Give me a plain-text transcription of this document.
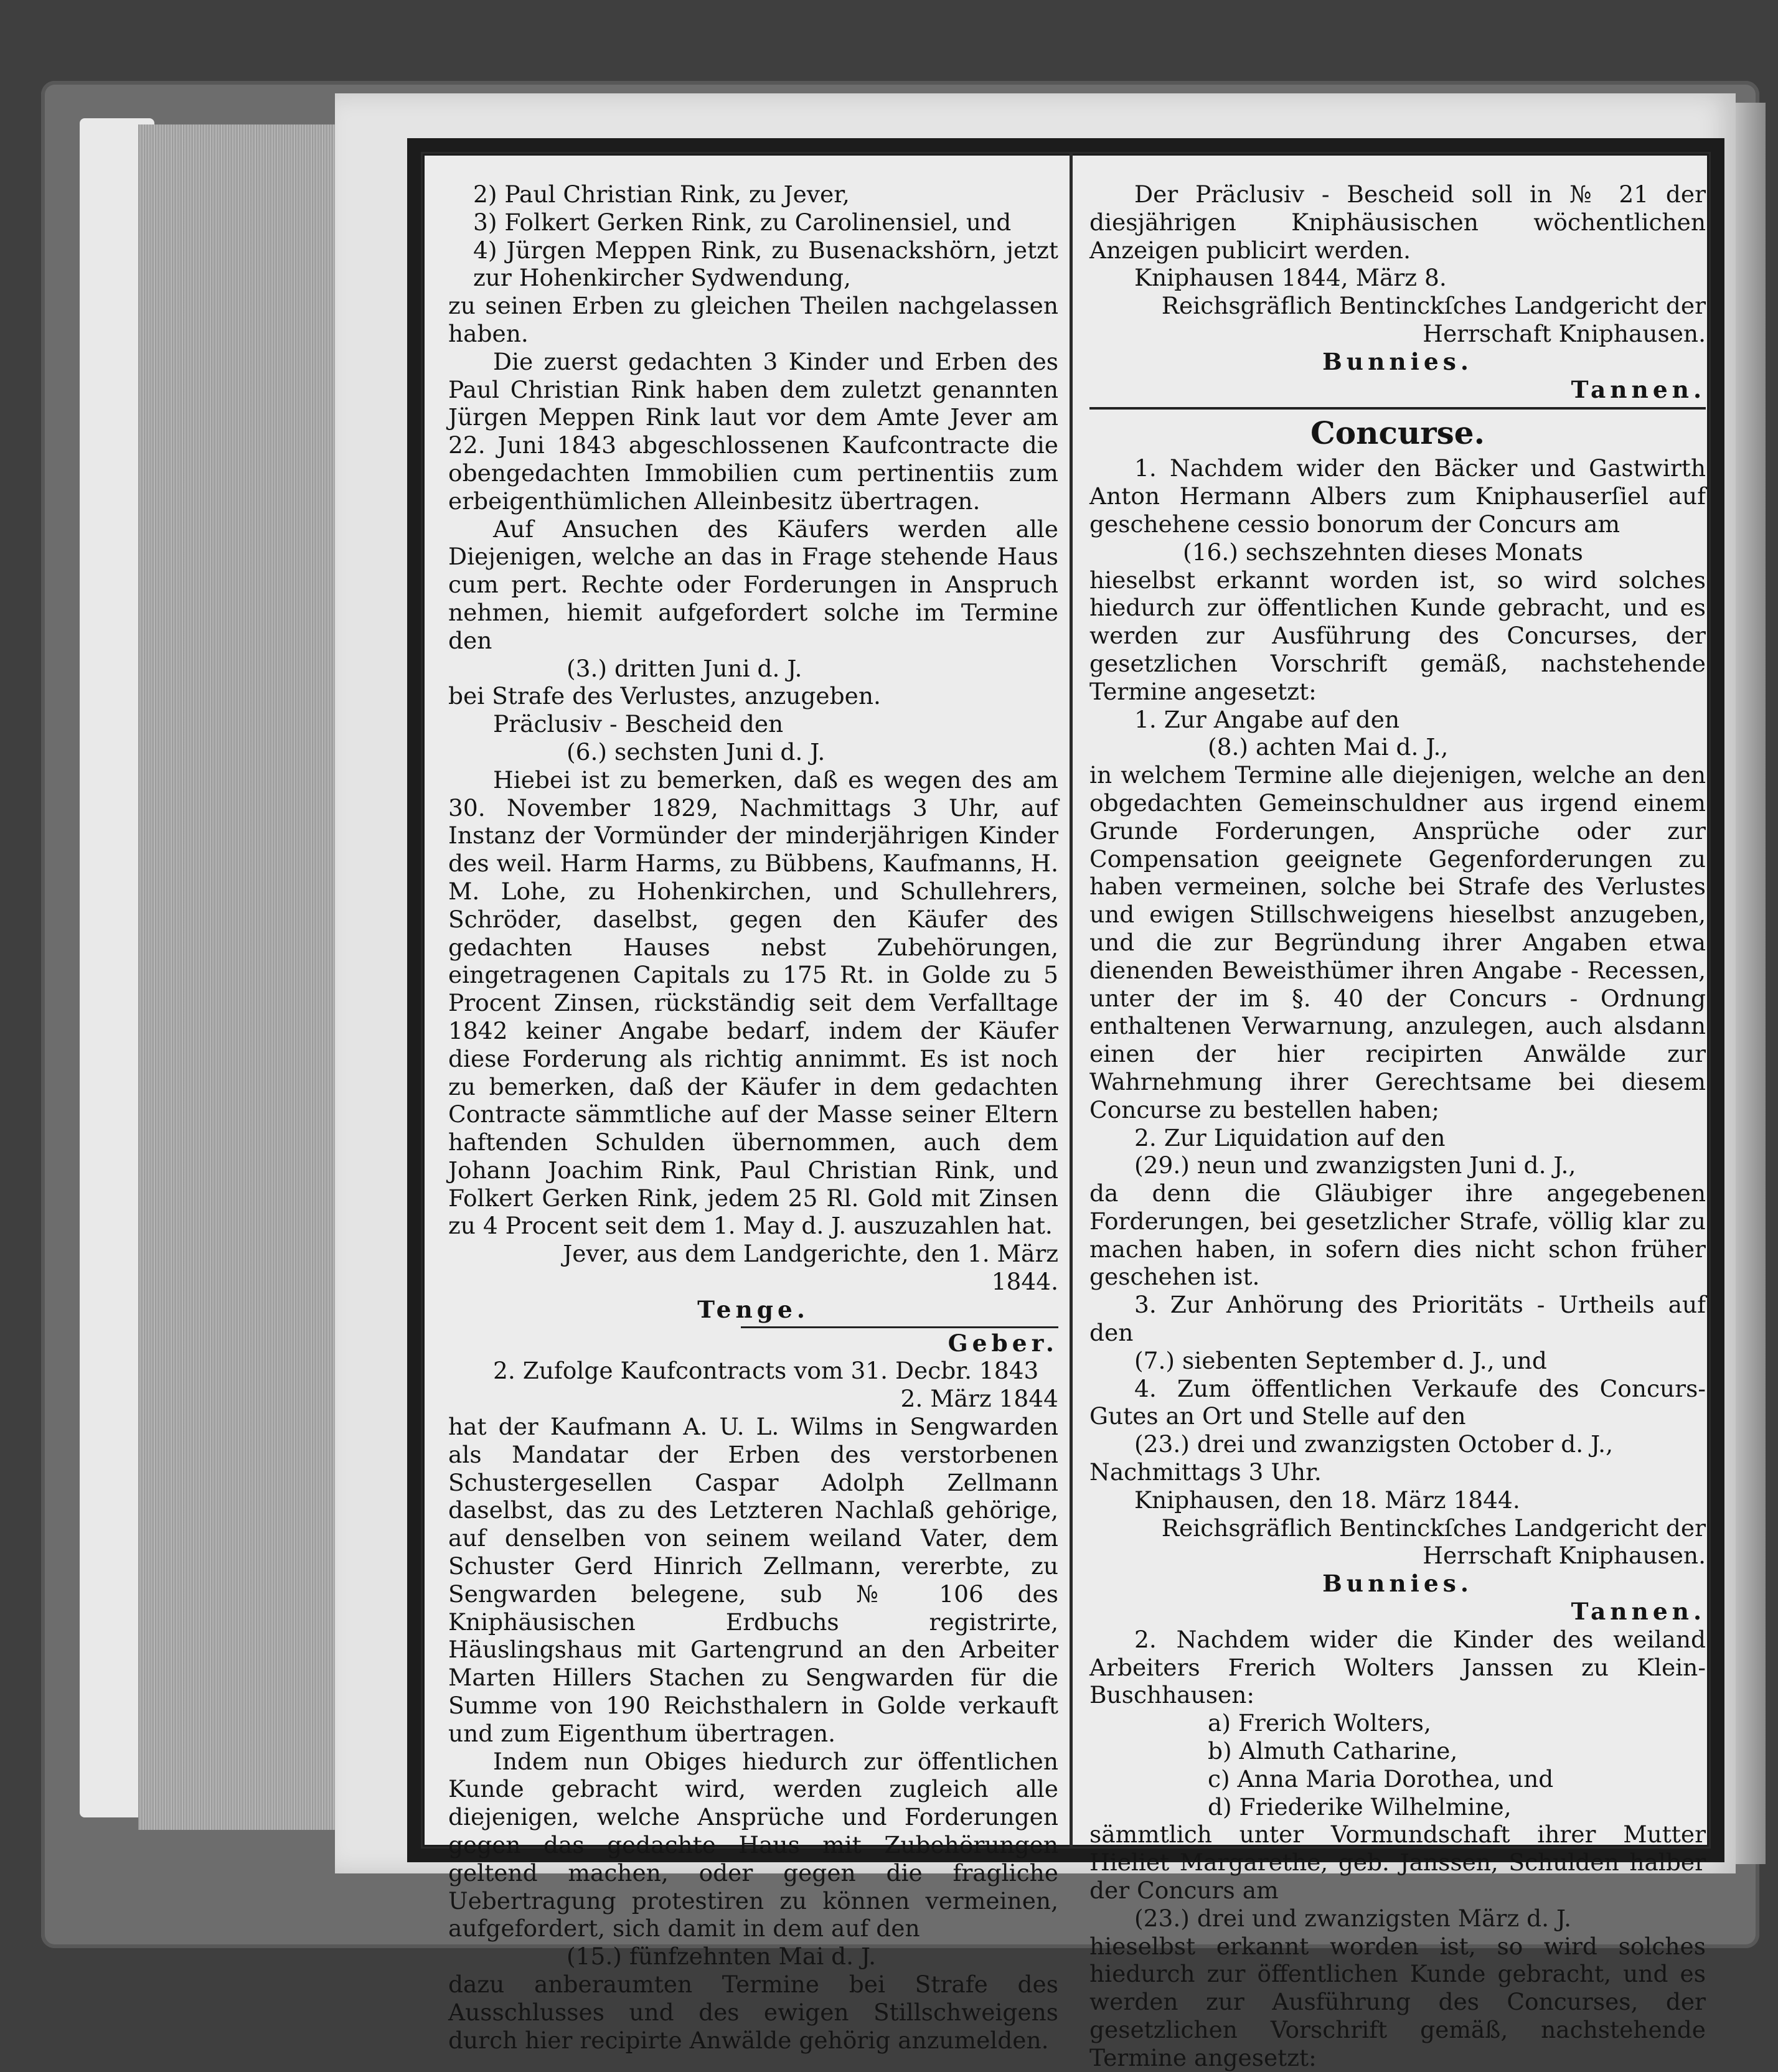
2) Paul Christian Rink, zu Jever,

3) Folkert Gerken Rink, zu Carolinensiel, und

4) Jürgen Meppen Rink, zu Busenackshörn, jetzt zur Hohenkircher Sydwendung,

zu seinen Erben zu gleichen Theilen nachgelassen haben.

Die zuerst gedachten 3 Kinder und Erben des Paul Christian Rink haben dem zuletzt genannten Jürgen Meppen Rink laut vor dem Amte Jever am 22. Juni 1843 abgeschlossenen Kaufcontracte die obengedachten Immobilien cum pertinentiis zum erbeigenthümlichen Alleinbesitz übertragen.

Auf Ansuchen des Käufers werden alle Diejenigen, welche an das in Frage stehende Haus cum pert. Rechte oder Forderungen in Anspruch nehmen, hiemit aufgefordert solche im Termine den

(3.) dritten Juni d. J.

bei Strafe des Verlustes, anzugeben.

Präclusiv - Bescheid den

(6.) sechsten Juni d. J.

Hiebei ist zu bemerken, daß es wegen des am 30. November 1829, Nachmittags 3 Uhr, auf Instanz der Vormünder der minderjährigen Kinder des weil. Harm Harms, zu Bübbens, Kaufmanns, H. M. Lohe, zu Hohenkirchen, und Schullehrers, Schröder, daselbst, gegen den Käufer des gedachten Hauses nebst Zubehörungen, eingetragenen Capitals zu 175 Rt. in Golde zu 5 Procent Zinsen, rückständig seit dem Verfalltage 1842 keiner Angabe bedarf, indem der Käufer diese Forderung als richtig annimmt. Es ist noch zu bemerken, daß der Käufer in dem gedachten Contracte sämmtliche auf der Masse seiner Eltern haftenden Schulden übernommen, auch dem Johann Joachim Rink, Paul Christian Rink, und Folkert Gerken Rink, jedem 25 Rl. Gold mit Zinsen zu 4 Procent seit dem 1. May d. J. auszuzahlen hat.

Jever, aus dem Landgerichte, den 1. März 1844.

Tenge.

Geber.

2. Zufolge Kaufcontracts vom 31. Decbr. 1843

2. März 1844

hat der Kaufmann A. U. L. Wilms in Sengwarden als Mandatar der Erben des verstorbenen Schustergesellen Caspar Adolph Zellmann daselbst, das zu des Letzteren Nachlaß gehörige, auf denselben von seinem weiland Vater, dem Schuster Gerd Hinrich Zellmann, vererbte, zu Sengwarden belegene, sub № 106 des Kniphäusischen Erdbuchs registrirte, Häuslingshaus mit Gartengrund an den Arbeiter Marten Hillers Stachen zu Sengwarden für die Summe von 190 Reichsthalern in Golde verkauft und zum Eigenthum übertragen.

Indem nun Obiges hiedurch zur öffentlichen Kunde gebracht wird, werden zugleich alle diejenigen, welche Ansprüche und Forderungen gegen das gedachte Haus mit Zubehörungen geltend machen, oder gegen die fragliche Uebertragung protestiren zu können vermeinen, aufgefordert, sich damit in dem auf den

(15.) fünfzehnten Mai d. J.

dazu anberaumten Termine bei Strafe des Ausschlusses und des ewigen Stillschweigens durch hier recipirte Anwälde gehörig anzumelden.

Der Präclusiv - Bescheid soll in № 21 der diesjährigen Kniphäusischen wöchentlichen Anzeigen publicirt werden.

Kniphausen 1844, März 8.

Reichsgräflich Bentinckſches Landgericht der Herrschaft Kniphausen.

Bunnies.

Tannen.

Concurse.

1. Nachdem wider den Bäcker und Gastwirth Anton Hermann Albers zum Kniphauserſiel auf geschehene cessio bonorum der Concurs am

(16.) sechszehnten dieses Monats

hieselbst erkannt worden ist, so wird solches hiedurch zur öffentlichen Kunde gebracht, und es werden zur Ausführung des Concurses, der gesetzlichen Vorschrift gemäß, nachstehende Termine angesetzt:

1. Zur Angabe auf den

(8.) achten Mai d. J.,

in welchem Termine alle diejenigen, welche an den obgedachten Gemeinschuldner aus irgend einem Grunde Forderungen, Ansprüche oder zur Compensation geeignete Gegenforderungen zu haben vermeinen, solche bei Strafe des Verlustes und ewigen Stillschweigens hieselbst anzugeben, und die zur Begründung ihrer Angaben etwa dienenden Beweisthümer ihren Angabe - Recessen, unter der im §. 40 der Concurs - Ordnung enthaltenen Verwarnung, anzulegen, auch alsdann einen der hier recipirten Anwälde zur Wahrnehmung ihrer Gerechtsame bei diesem Concurse zu bestellen haben;

2. Zur Liquidation auf den

(29.) neun und zwanzigsten Juni d. J.,

da denn die Gläubiger ihre angegebenen Forderungen, bei gesetzlicher Strafe, völlig klar zu machen haben, in sofern dies nicht schon früher geschehen ist.

3. Zur Anhörung des Prioritäts - Urtheils auf den

(7.) siebenten September d. J., und

4. Zum öffentlichen Verkaufe des Concurs-Gutes an Ort und Stelle auf den

(23.) drei und zwanzigsten October d. J.,

Nachmittags 3 Uhr.

Kniphausen, den 18. März 1844.

Reichsgräflich Bentinckſches Landgericht der Herrschaft Kniphausen.

Bunnies.

Tannen.

2. Nachdem wider die Kinder des weiland Arbeiters Frerich Wolters Janssen zu Klein-Buschhausen:

a) Frerich Wolters,

b) Almuth Catharine,

c) Anna Maria Dorothea, und

d) Friederike Wilhelmine,

sämmtlich unter Vormundschaft ihrer Mutter Hieliet Margarethe, geb. Janssen, Schulden halber der Concurs am

(23.) drei und zwanzigsten März d. J.

hieselbst erkannt worden ist, so wird solches hiedurch zur öffentlichen Kunde gebracht, und es werden zur Ausführung des Concurses, der gesetzlichen Vorschrift gemäß, nachstehende Termine angesetzt:
